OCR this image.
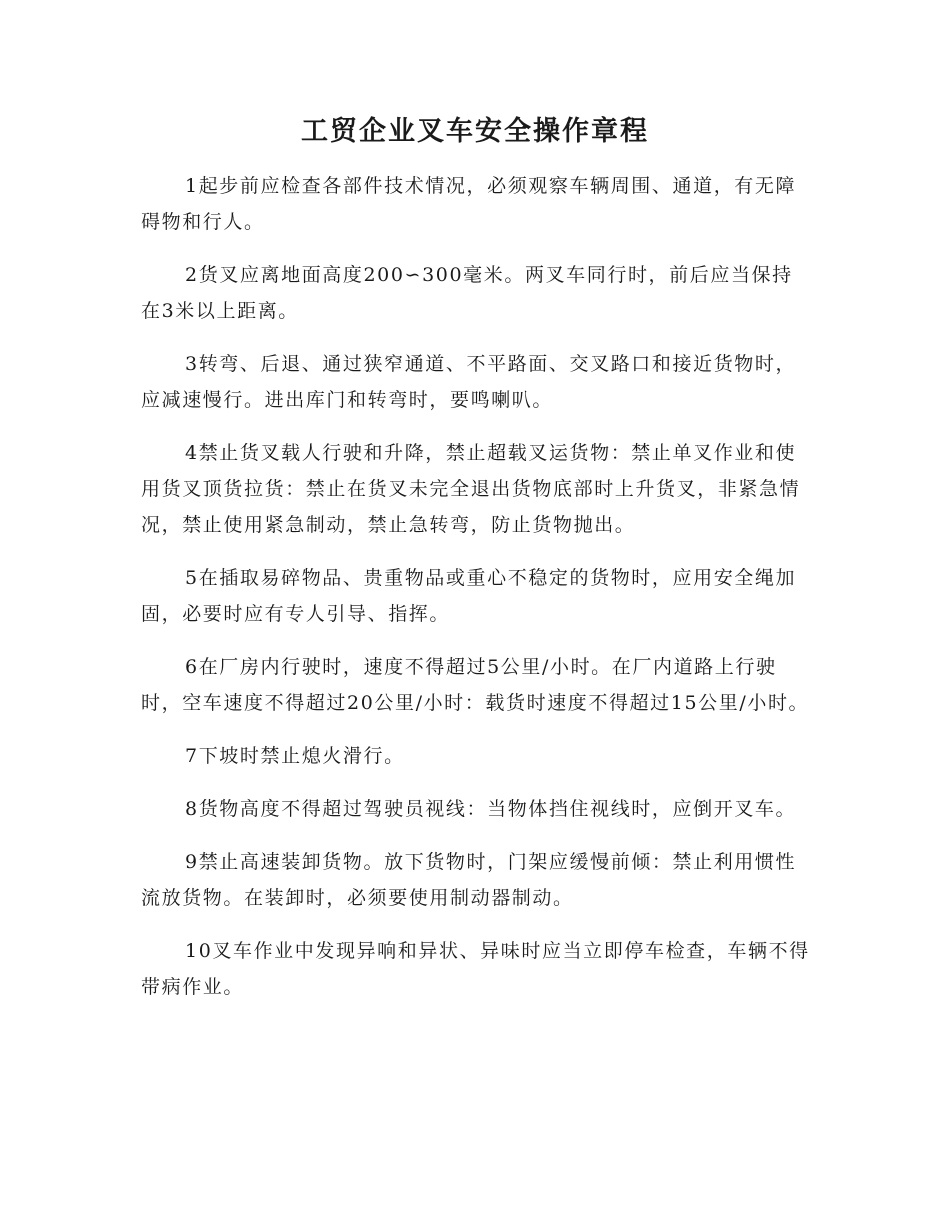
工贸企业叉车安全操作章程

1起步前应检查各部件技术情况，必须观察车辆周围、通道，有无障碍物和行人。

2货叉应离地面高度200∽300毫米。两叉车同行时，前后应当保持在3米以上距离。

3转弯、后退、通过狭窄通道、不平路面、交叉路口和接近货物时，应减速慢行。进出库门和转弯时，要鸣喇叭。

4禁止货叉载人行驶和升降，禁止超载叉运货物：禁止单叉作业和使用货叉顶货拉货：禁止在货叉未完全退出货物底部时上升货叉，非紧急情况，禁止使用紧急制动，禁止急转弯，防止货物抛出。

5在插取易碎物品、贵重物品或重心不稳定的货物时，应用安全绳加固，必要时应有专人引导、指挥。

6在厂房内行驶时，速度不得超过5公里/小时。在厂内道路上行驶时，空车速度不得超过20公里/小时：载货时速度不得超过15公里/小时。

7下坡时禁止熄火滑行。

8货物高度不得超过驾驶员视线：当物体挡住视线时，应倒开叉车。

9禁止高速装卸货物。放下货物时，门架应缓慢前倾：禁止利用惯性流放货物。在装卸时，必须要使用制动器制动。

10叉车作业中发现异响和异状、异味时应当立即停车检查，车辆不得带病作业。
